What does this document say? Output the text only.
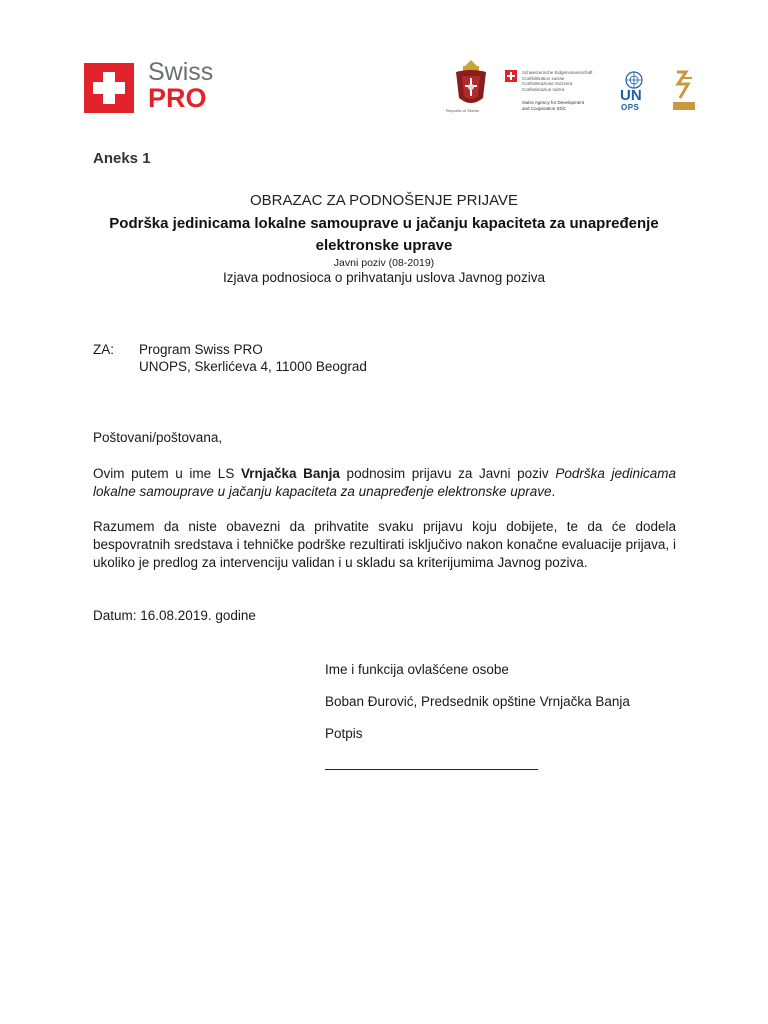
Swiss
PRO	Republic of Serbia
Schweizerische Eidgenossenschaft
Confédération suisse
Confederazione Svizzera
Confederaziun svizra
Swiss Agency for Development
and Cooperation SDC
UN
OPS
Aneks 1
OBRAZAC ZA PODNOŠENJE PRIJAVE
Podrška jedinicama lokalne samouprave u jačanju kapaciteta za unapređenje elektronske uprave
Javni poziv (08-2019)
Izjava podnosioca o prihvatanju uslova Javnog poziva
ZA: Program Swiss PRO
UNOPS, Skerlićeva 4, 11000 Beograd
Poštovani/poštovana,
Ovim putem u ime LS Vrnjačka Banja podnosim prijavu za Javni poziv Podrška jedinicama lokalne samouprave u jačanju kapaciteta za unapređenje elektronske uprave.
Razumem da niste obavezni da prihvatite svaku prijavu koju dobijete, te da će dodela bespovratnih sredstava i tehničke podrške rezultirati isključivo nakon konačne evaluacije prijava, i ukoliko je predlog za intervenciju validan i u skladu sa kriterijumima Javnog poziva.
Datum: 16.08.2019. godine
Ime i funkcija ovlašćene osobe
Boban Đurović, Predsednik opštine Vrnjačka Banja
Potpis
